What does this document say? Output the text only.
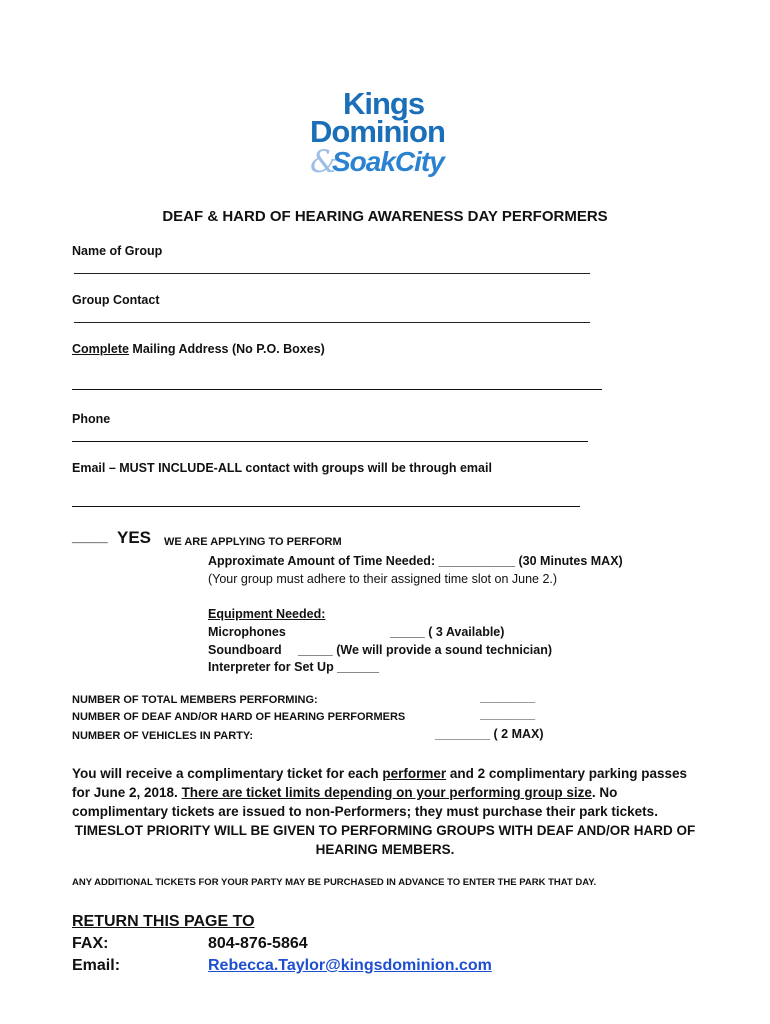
Kings
Dominion
&
SoakCity
DEAF & HARD OF HEARING AWARENESS DAY PERFORMERS
Name of Group
Group Contact
Complete Mailing Address (No P.O. Boxes)
Phone
Email – MUST INCLUDE-ALL contact with groups will be through email
____ YES WE ARE APPLYING TO PERFORM
Approximate Amount of Time Needed: ___________ (30 Minutes MAX)
(Your group must adhere to their assigned time slot on June 2.)
Equipment Needed:
Microphones	_____ ( 3 Available)
Soundboard _____ (We will provide a sound technician)
Interpreter for Set Up ______
NUMBER OF TOTAL MEMBERS PERFORMING:	_________
NUMBER OF DEAF AND/OR HARD OF HEARING PERFORMERS	_________
NUMBER OF VEHICLES IN PARTY:	_________ ( 2 MAX)
You will receive a complimentary ticket for each performer and 2 complimentary parking passes
for June 2, 2018. There are ticket limits depending on your performing group size. No
complimentary tickets are issued to non-Performers; they must purchase their park tickets.
TIMESLOT PRIORITY WILL BE GIVEN TO PERFORMING GROUPS WITH DEAF AND/OR HARD OF
HEARING MEMBERS.
ANY ADDITIONAL TICKETS FOR YOUR PARTY MAY BE PURCHASED IN ADVANCE TO ENTER THE PARK THAT DAY.
RETURN THIS PAGE TO
FAX:	804-876-5864
Email:	Rebecca.Taylor@kingsdominion.com
